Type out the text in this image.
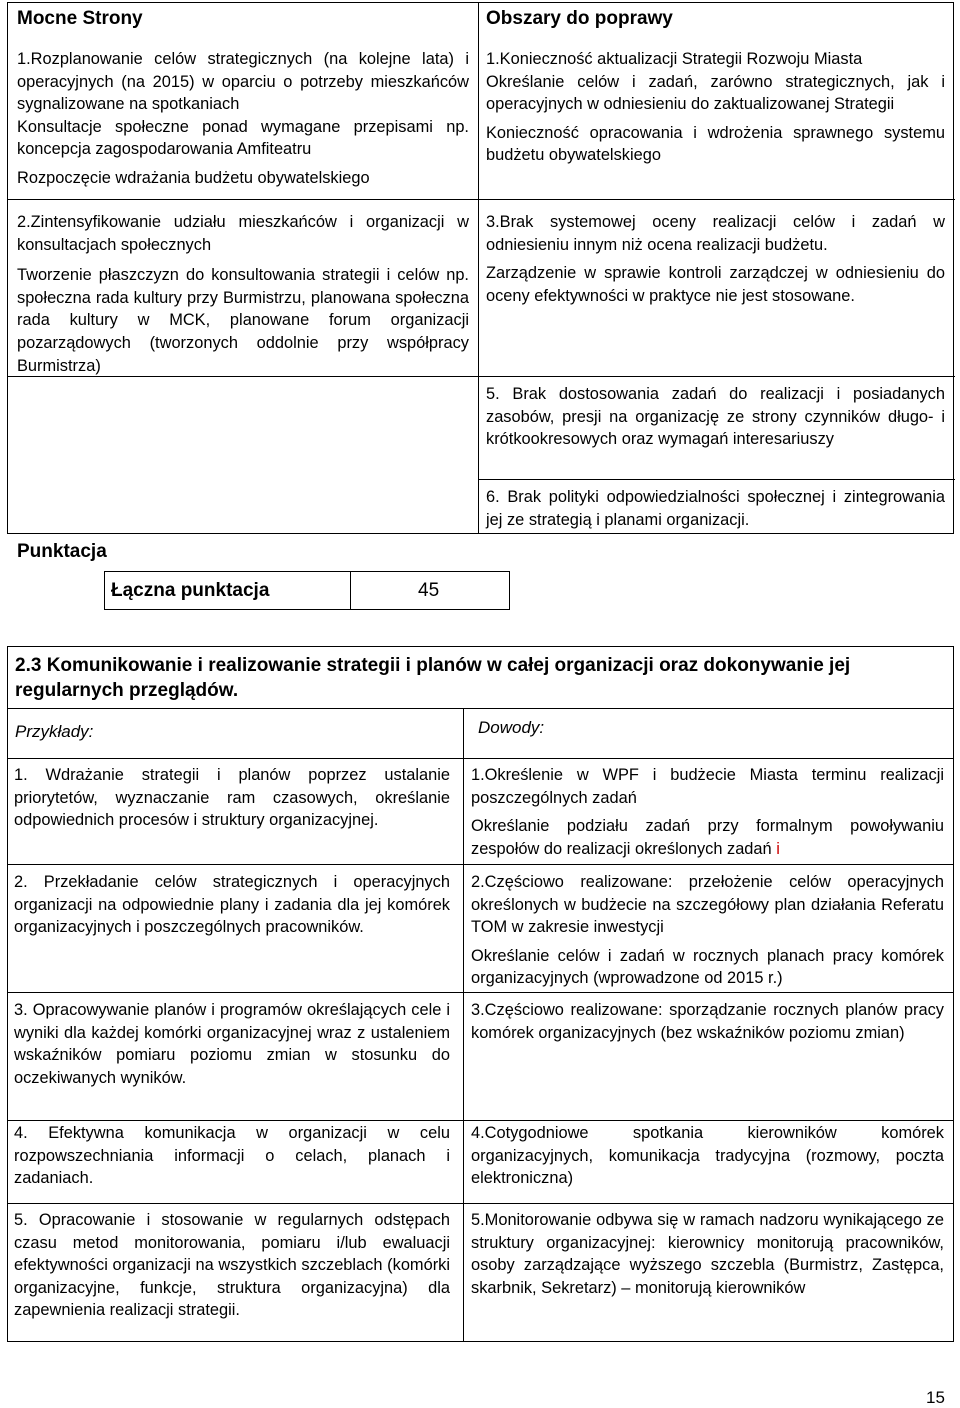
Mocne Strony

1.Rozplanowanie celów strategicznych (na kolejne lata) i operacyjnych (na 2015) w oparciu o potrzeby mieszkańców sygnalizowane na spotkaniach

Konsultacje społeczne ponad wymagane przepisami np. koncepcja zagospodarowania Amfiteatru

Rozpoczęcie wdrażania budżetu obywatelskiego

2.Zintensyfikowanie udziału mieszkańców i organizacji w konsultacjach społecznych

Tworzenie płaszczyzn do konsultowania strategii i celów np. społeczna rada kultury przy Burmistrzu, planowana społeczna rada kultury w MCK, planowane forum organizacji pozarządowych (tworzonych oddolnie przy współpracy Burmistrza)

Obszary do poprawy

1.Konieczność aktualizacji Strategii Rozwoju Miasta

Określanie celów i zadań, zarówno strategicznych, jak i operacyjnych w odniesieniu do zaktualizowanej Strategii

Konieczność opracowania i wdrożenia sprawnego systemu budżetu obywatelskiego

3.Brak systemowej oceny realizacji celów i zadań w odniesieniu innym niż ocena realizacji budżetu.

Zarządzenie w sprawie kontroli zarządczej w odniesieniu do oceny efektywności w praktyce nie jest stosowane.

5. Brak dostosowania zadań do realizacji i posiadanych zasobów, presji na organizację ze strony czynników długo- i krótkookresowych oraz wymagań interesariuszy

6. Brak polityki odpowiedzialności społecznej i zintegrowania jej ze strategią i planami organizacji.

Punktacja
Łączna punktacja	45
2.3 Komunikowanie i realizowanie strategii i planów w całej organizacji oraz dokonywanie jej regularnych przeglądów.
Przykłady:	Dowody:

1. Wdrażanie strategii i planów poprzez ustalanie priorytetów, wyznaczanie ram czasowych, określanie odpowiednich procesów i struktury organizacyjnej.

1.Określenie w WPF i budżecie Miasta terminu realizacji poszczególnych zadań

Określanie podziału zadań przy formalnym powoływaniu zespołów do realizacji określonych zadań i

2. Przekładanie celów strategicznych i operacyjnych organizacji na odpowiednie plany i zadania dla jej komórek organizacyjnych i poszczególnych pracowników.

2.Częściowo realizowane: przełożenie celów operacyjnych określonych w budżecie na szczegółowy plan działania Referatu TOM w zakresie inwestycji

Określanie celów i zadań w rocznych planach pracy komórek organizacyjnych (wprowadzone od 2015 r.)

3. Opracowywanie planów i programów określających cele i wyniki dla każdej komórki organizacyjnej wraz z ustaleniem wskaźników pomiaru poziomu zmian w stosunku do oczekiwanych wyników.

3.Częściowo realizowane: sporządzanie rocznych planów pracy komórek organizacyjnych (bez wskaźników poziomu zmian)

4. Efektywna komunikacja w organizacji w celu rozpowszechniania informacji o celach, planach i zadaniach.

4.Cotygodniowe spotkania kierowników komórek organizacyjnych, komunikacja tradycyjna (rozmowy, poczta elektroniczna)

5. Opracowanie i stosowanie w regularnych odstępach czasu metod monitorowania, pomiaru i/lub ewaluacji efektywności organizacji na wszystkich szczeblach (komórki organizacyjne, funkcje, struktura organizacyjna) dla zapewnienia realizacji strategii.

5.Monitorowanie odbywa się w ramach nadzoru wynikającego ze struktury organizacyjnej: kierownicy monitorują pracowników, osoby zarządzające wyższego szczebla (Burmistrz, Zastępca, skarbnik, Sekretarz) – monitorują kierowników

15
